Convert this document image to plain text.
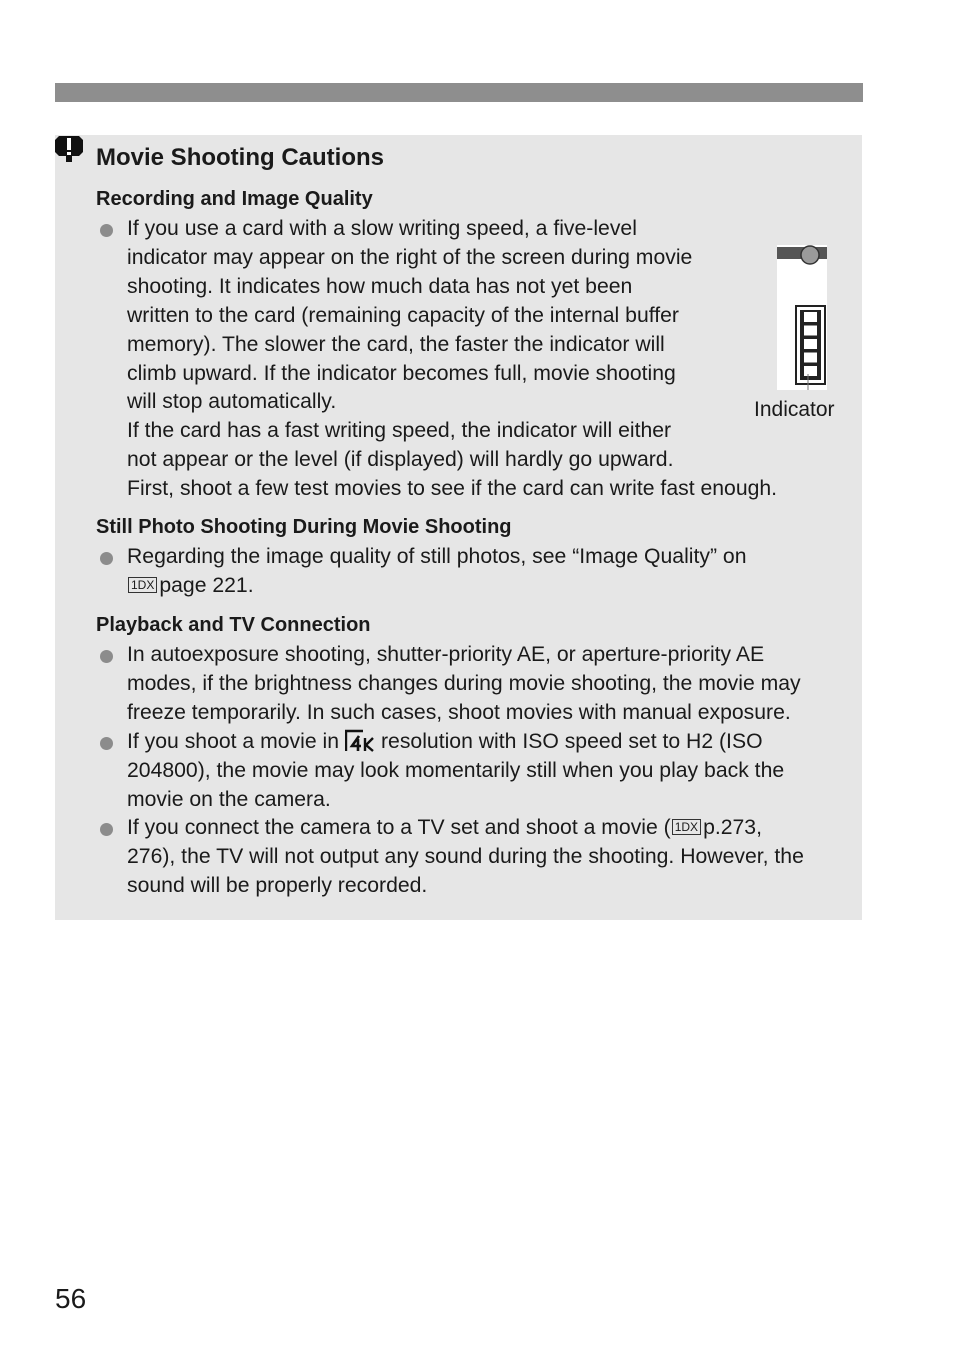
Movie Shooting Cautions
Recording and Image Quality

If you use a card with a slow writing speed, a five-level
indicator may appear on the right of the screen during movie
shooting. It indicates how much data has not yet been
written to the card (remaining capacity of the internal buffer
memory). The slower the card, the faster the indicator will
climb upward. If the indicator becomes full, movie shooting
will stop automatically.
If the card has a fast writing speed, the indicator will either
not appear or the level (if displayed) will hardly go upward.
First, shoot a few test movies to see if the card can write fast enough.

Indicator
Still Photo Shooting During Movie Shooting

Regarding the image quality of still photos, see “Image Quality” on
1DX page 221.

Playback and TV Connection

In autoexposure shooting, shutter-priority AE, or aperture-priority AE
modes, if the brightness changes during movie shooting, the movie may
freeze temporarily. In such cases, shoot movies with manual exposure.

If you shoot a movie in resolution with ISO speed set to H2 (ISO
204800), the movie may look momentarily still when you play back the
movie on the camera.

If you connect the camera to a TV set and shoot a movie ( 1DX p.273,
276), the TV will not output any sound during the shooting. However, the
sound will be properly recorded.

56
